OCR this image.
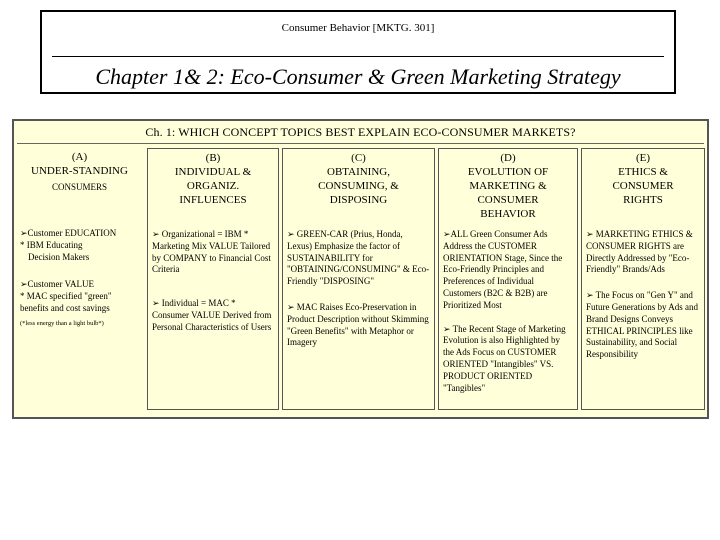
Consumer Behavior [MKTG. 301]
Chapter 1& 2: Eco-Consumer & Green Marketing Strategy
Ch. 1: WHICH CONCEPT TOPICS BEST EXPLAIN ECO-CONSUMER MARKETS?
(A)
UNDER-STANDING
CONSUMERS
➢Customer EDUCATION
* IBM Educating
Decision Makers
➢Customer VALUE
* MAC specified "green" benefits and cost savings
(*less energy than a light bulb*)
(B)
INDIVIDUAL & ORGANIZ. INFLUENCES
➢ Organizational = IBM * Marketing Mix VALUE Tailored by COMPANY to Financial Cost Criteria
➢ Individual = MAC * Consumer VALUE Derived from Personal Characteristics of Users
(C)
OBTAINING, CONSUMING, & DISPOSING
➢ GREEN-CAR (Prius, Honda, Lexus) Emphasize the factor of SUSTAINABILITY for "OBTAINING/CONSUMING" & Eco-Friendly "DISPOSING"
➢ MAC Raises Eco-Preservation in Product Description without Skimming "Green Benefits" with Metaphor or Imagery
(D)
EVOLUTION OF MARKETING & CONSUMER BEHAVIOR
➢ALL Green Consumer Ads Address the CUSTOMER ORIENTATION Stage, Since the Eco-Friendly Principles and Preferences of Individual Customers (B2C & B2B) are Prioritized Most
➢ The Recent Stage of Marketing Evolution is also Highlighted by the Ads Focus on CUSTOMER ORIENTED "Intangibles" VS. PRODUCT ORIENTED "Tangibles"
(E)
ETHICS & CONSUMER RIGHTS
➢ MARKETING ETHICS & CONSUMER RIGHTS are Directly Addressed by "Eco-Friendly" Brands/Ads
➢ The Focus on "Gen Y" and Future Generations by Ads and Brand Designs Conveys ETHICAL PRINCIPLES like Sustainability, and Social Responsibility
